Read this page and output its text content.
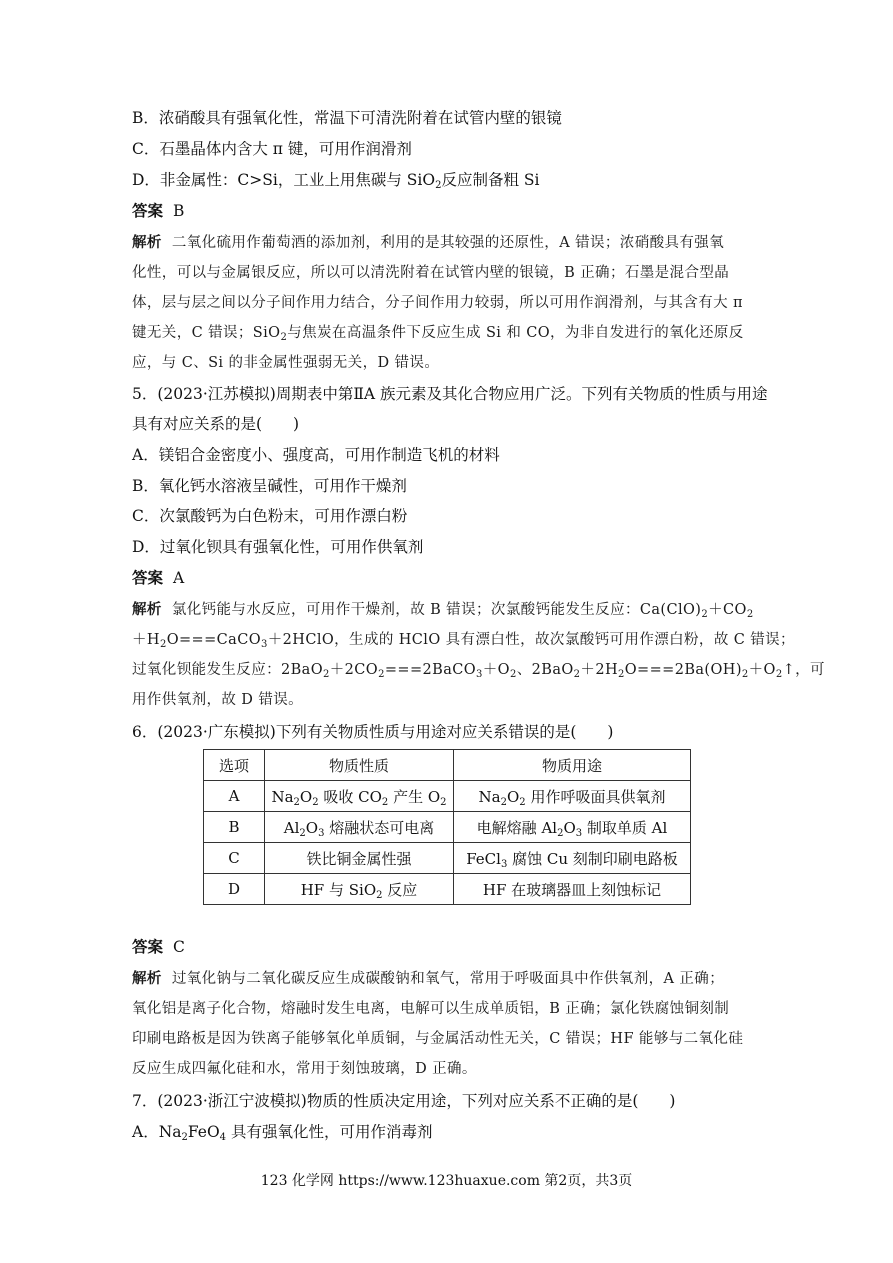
B．浓硝酸具有强氧化性，常温下可清洗附着在试管内壁的银镜
C．石墨晶体内含大 π 键，可用作润滑剂
D．非金属性：C>Si，工业上用焦碳与 SiO$_2$反应制备粗 Si
答案 B
解析 二氧化硫用作葡萄酒的添加剂，利用的是其较强的还原性，A 错误；浓硝酸具有强氧
化性，可以与金属银反应，所以可以清洗附着在试管内壁的银镜，B 正确；石墨是混合型晶
体，层与层之间以分子间作用力结合，分子间作用力较弱，所以可用作润滑剂，与其含有大 π
键无关，C 错误；SiO$_2$与焦炭在高温条件下反应生成 Si 和 CO，为非自发进行的氧化还原反
应，与 C、Si 的非金属性强弱无关，D 错误。
5．(2023·江苏模拟)周期表中第ⅡA 族元素及其化合物应用广泛。下列有关物质的性质与用途
具有对应关系的是(　　)
A．镁铝合金密度小、强度高，可用作制造飞机的材料
B．氧化钙水溶液呈碱性，可用作干燥剂
C．次氯酸钙为白色粉末，可用作漂白粉
D．过氧化钡具有强氧化性，可用作供氧剂
答案 A
解析 氯化钙能与水反应，可用作干燥剂，故 B 错误；次氯酸钙能发生反应：$Ca(ClO)_2+CO_2$
$+H_2O===CaCO_3+2HClO$，生成的 HClO 具有漂白性，故次氯酸钙可用作漂白粉，故 C 错误；
过氧化钡能发生反应：$2BaO_2+2CO_2===2BaCO_3+O_2$、$2BaO_2+2H_2O===2Ba(OH)_2+O_2↑$，可
用作供氧剂，故 D 错误。
6．(2023·广东模拟)下列有关物质性质与用途对应关系错误的是(　　)
选项	物质性质	物质用途
A	$Na_2O_2$ 吸收 $CO_2$ 产生 $O_2$	$Na_2O_2$ 用作呼吸面具供氧剂
B	$Al_2O_3$ 熔融状态可电离	电解熔融 $Al_2O_3$ 制取单质 Al
C	铁比铜金属性强	FeCl$_3$ 腐蚀 Cu 刻制印刷电路板
D	HF 与 SiO$_2$ 反应	HF 在玻璃器皿上刻蚀标记
答案 C
解析 过氧化钠与二氧化碳反应生成碳酸钠和氧气，常用于呼吸面具中作供氧剂，A 正确；
氧化铝是离子化合物，熔融时发生电离，电解可以生成单质铝，B 正确；氯化铁腐蚀铜刻制
印刷电路板是因为铁离子能够氧化单质铜，与金属活动性无关，C 错误；HF 能够与二氧化硅
反应生成四氟化硅和水，常用于刻蚀玻璃，D 正确。
7．(2023·浙江宁波模拟)物质的性质决定用途，下列对应关系不正确的是(　　)
A．$Na_2FeO_4$ 具有强氧化性，可用作消毒剂
123 化学网 https://www.123huaxue.com 第2页，共3页
